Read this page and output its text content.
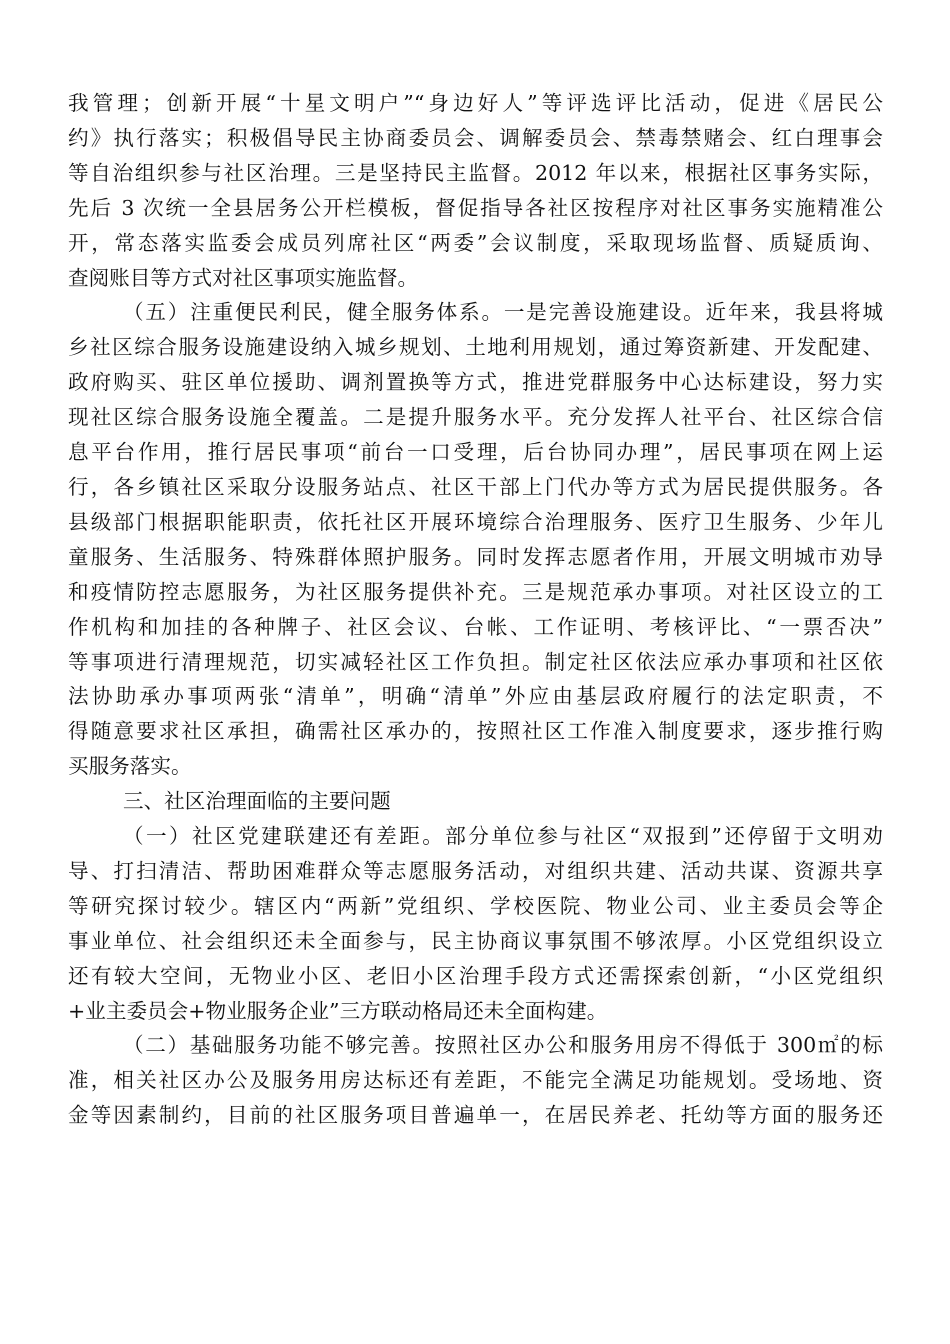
我管理；创新开展“十星文明户”“身边好人”等评选评比活动，促进《居民公
约》执行落实；积极倡导民主协商委员会、调解委员会、禁毒禁赌会、红白理事会
等自治组织参与社区治理。三是坚持民主监督。2012 年以来，根据社区事务实际，
先后 3 次统一全县居务公开栏模板，督促指导各社区按程序对社区事务实施精准公
开，常态落实监委会成员列席社区“两委”会议制度，采取现场监督、质疑质询、
查阅账目等方式对社区事项实施监督。
（五）注重便民利民，健全服务体系。一是完善设施建设。近年来，我县将城
乡社区综合服务设施建设纳入城乡规划、土地利用规划，通过筹资新建、开发配建、
政府购买、驻区单位援助、调剂置换等方式，推进党群服务中心达标建设，努力实
现社区综合服务设施全覆盖。二是提升服务水平。充分发挥人社平台、社区综合信
息平台作用，推行居民事项“前台一口受理，后台协同办理”，居民事项在网上运
行，各乡镇社区采取分设服务站点、社区干部上门代办等方式为居民提供服务。各
县级部门根据职能职责，依托社区开展环境综合治理服务、医疗卫生服务、少年儿
童服务、生活服务、特殊群体照护服务。同时发挥志愿者作用，开展文明城市劝导
和疫情防控志愿服务，为社区服务提供补充。三是规范承办事项。对社区设立的工
作机构和加挂的各种牌子、社区会议、台帐、工作证明、考核评比、“一票否决”
等事项进行清理规范，切实减轻社区工作负担。制定社区依法应承办事项和社区依
法协助承办事项两张“清单”，明确“清单”外应由基层政府履行的法定职责，不
得随意要求社区承担，确需社区承办的，按照社区工作准入制度要求，逐步推行购
买服务落实。
三、社区治理面临的主要问题
（一）社区党建联建还有差距。部分单位参与社区“双报到”还停留于文明劝
导、打扫清洁、帮助困难群众等志愿服务活动，对组织共建、活动共谋、资源共享
等研究探讨较少。辖区内“两新”党组织、学校医院、物业公司、业主委员会等企
事业单位、社会组织还未全面参与，民主协商议事氛围不够浓厚。小区党组织设立
还有较大空间，无物业小区、老旧小区治理手段方式还需探索创新，“小区党组织
+业主委员会+物业服务企业”三方联动格局还未全面构建。
（二）基础服务功能不够完善。按照社区办公和服务用房不得低于 300㎡的标
准，相关社区办公及服务用房达标还有差距，不能完全满足功能规划。受场地、资
金等因素制约，目前的社区服务项目普遍单一，在居民养老、托幼等方面的服务还
